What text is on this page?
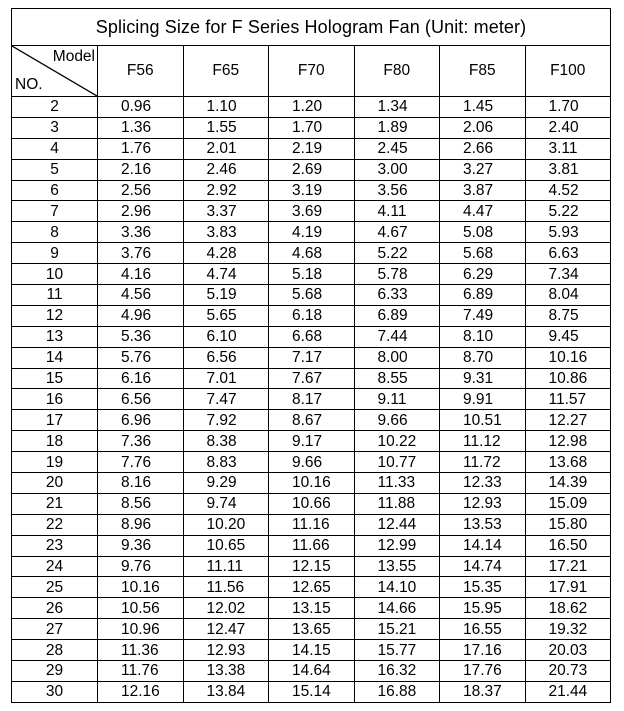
Splicing Size for F Series Hologram Fan (Unit: meter)						

Model
NO.	F56	F65	F70	F80	F85	F100
2	0.96	1.10	1.20	1.34	1.45	1.70
3	1.36	1.55	1.70	1.89	2.06	2.40
4	1.76	2.01	2.19	2.45	2.66	3.11
5	2.16	2.46	2.69	3.00	3.27	3.81
6	2.56	2.92	3.19	3.56	3.87	4.52
7	2.96	3.37	3.69	4.11	4.47	5.22
8	3.36	3.83	4.19	4.67	5.08	5.93
9	3.76	4.28	4.68	5.22	5.68	6.63
10	4.16	4.74	5.18	5.78	6.29	7.34
11	4.56	5.19	5.68	6.33	6.89	8.04
12	4.96	5.65	6.18	6.89	7.49	8.75
13	5.36	6.10	6.68	7.44	8.10	9.45
14	5.76	6.56	7.17	8.00	8.70	10.16
15	6.16	7.01	7.67	8.55	9.31	10.86
16	6.56	7.47	8.17	9.11	9.91	11.57
17	6.96	7.92	8.67	9.66	10.51	12.27
18	7.36	8.38	9.17	10.22	11.12	12.98
19	7.76	8.83	9.66	10.77	11.72	13.68
20	8.16	9.29	10.16	11.33	12.33	14.39
21	8.56	9.74	10.66	11.88	12.93	15.09
22	8.96	10.20	11.16	12.44	13.53	15.80
23	9.36	10.65	11.66	12.99	14.14	16.50
24	9.76	11.11	12.15	13.55	14.74	17.21
25	10.16	11.56	12.65	14.10	15.35	17.91
26	10.56	12.02	13.15	14.66	15.95	18.62
27	10.96	12.47	13.65	15.21	16.55	19.32
28	11.36	12.93	14.15	15.77	17.16	20.03
29	11.76	13.38	14.64	16.32	17.76	20.73
30	12.16	13.84	15.14	16.88	18.37	21.44
